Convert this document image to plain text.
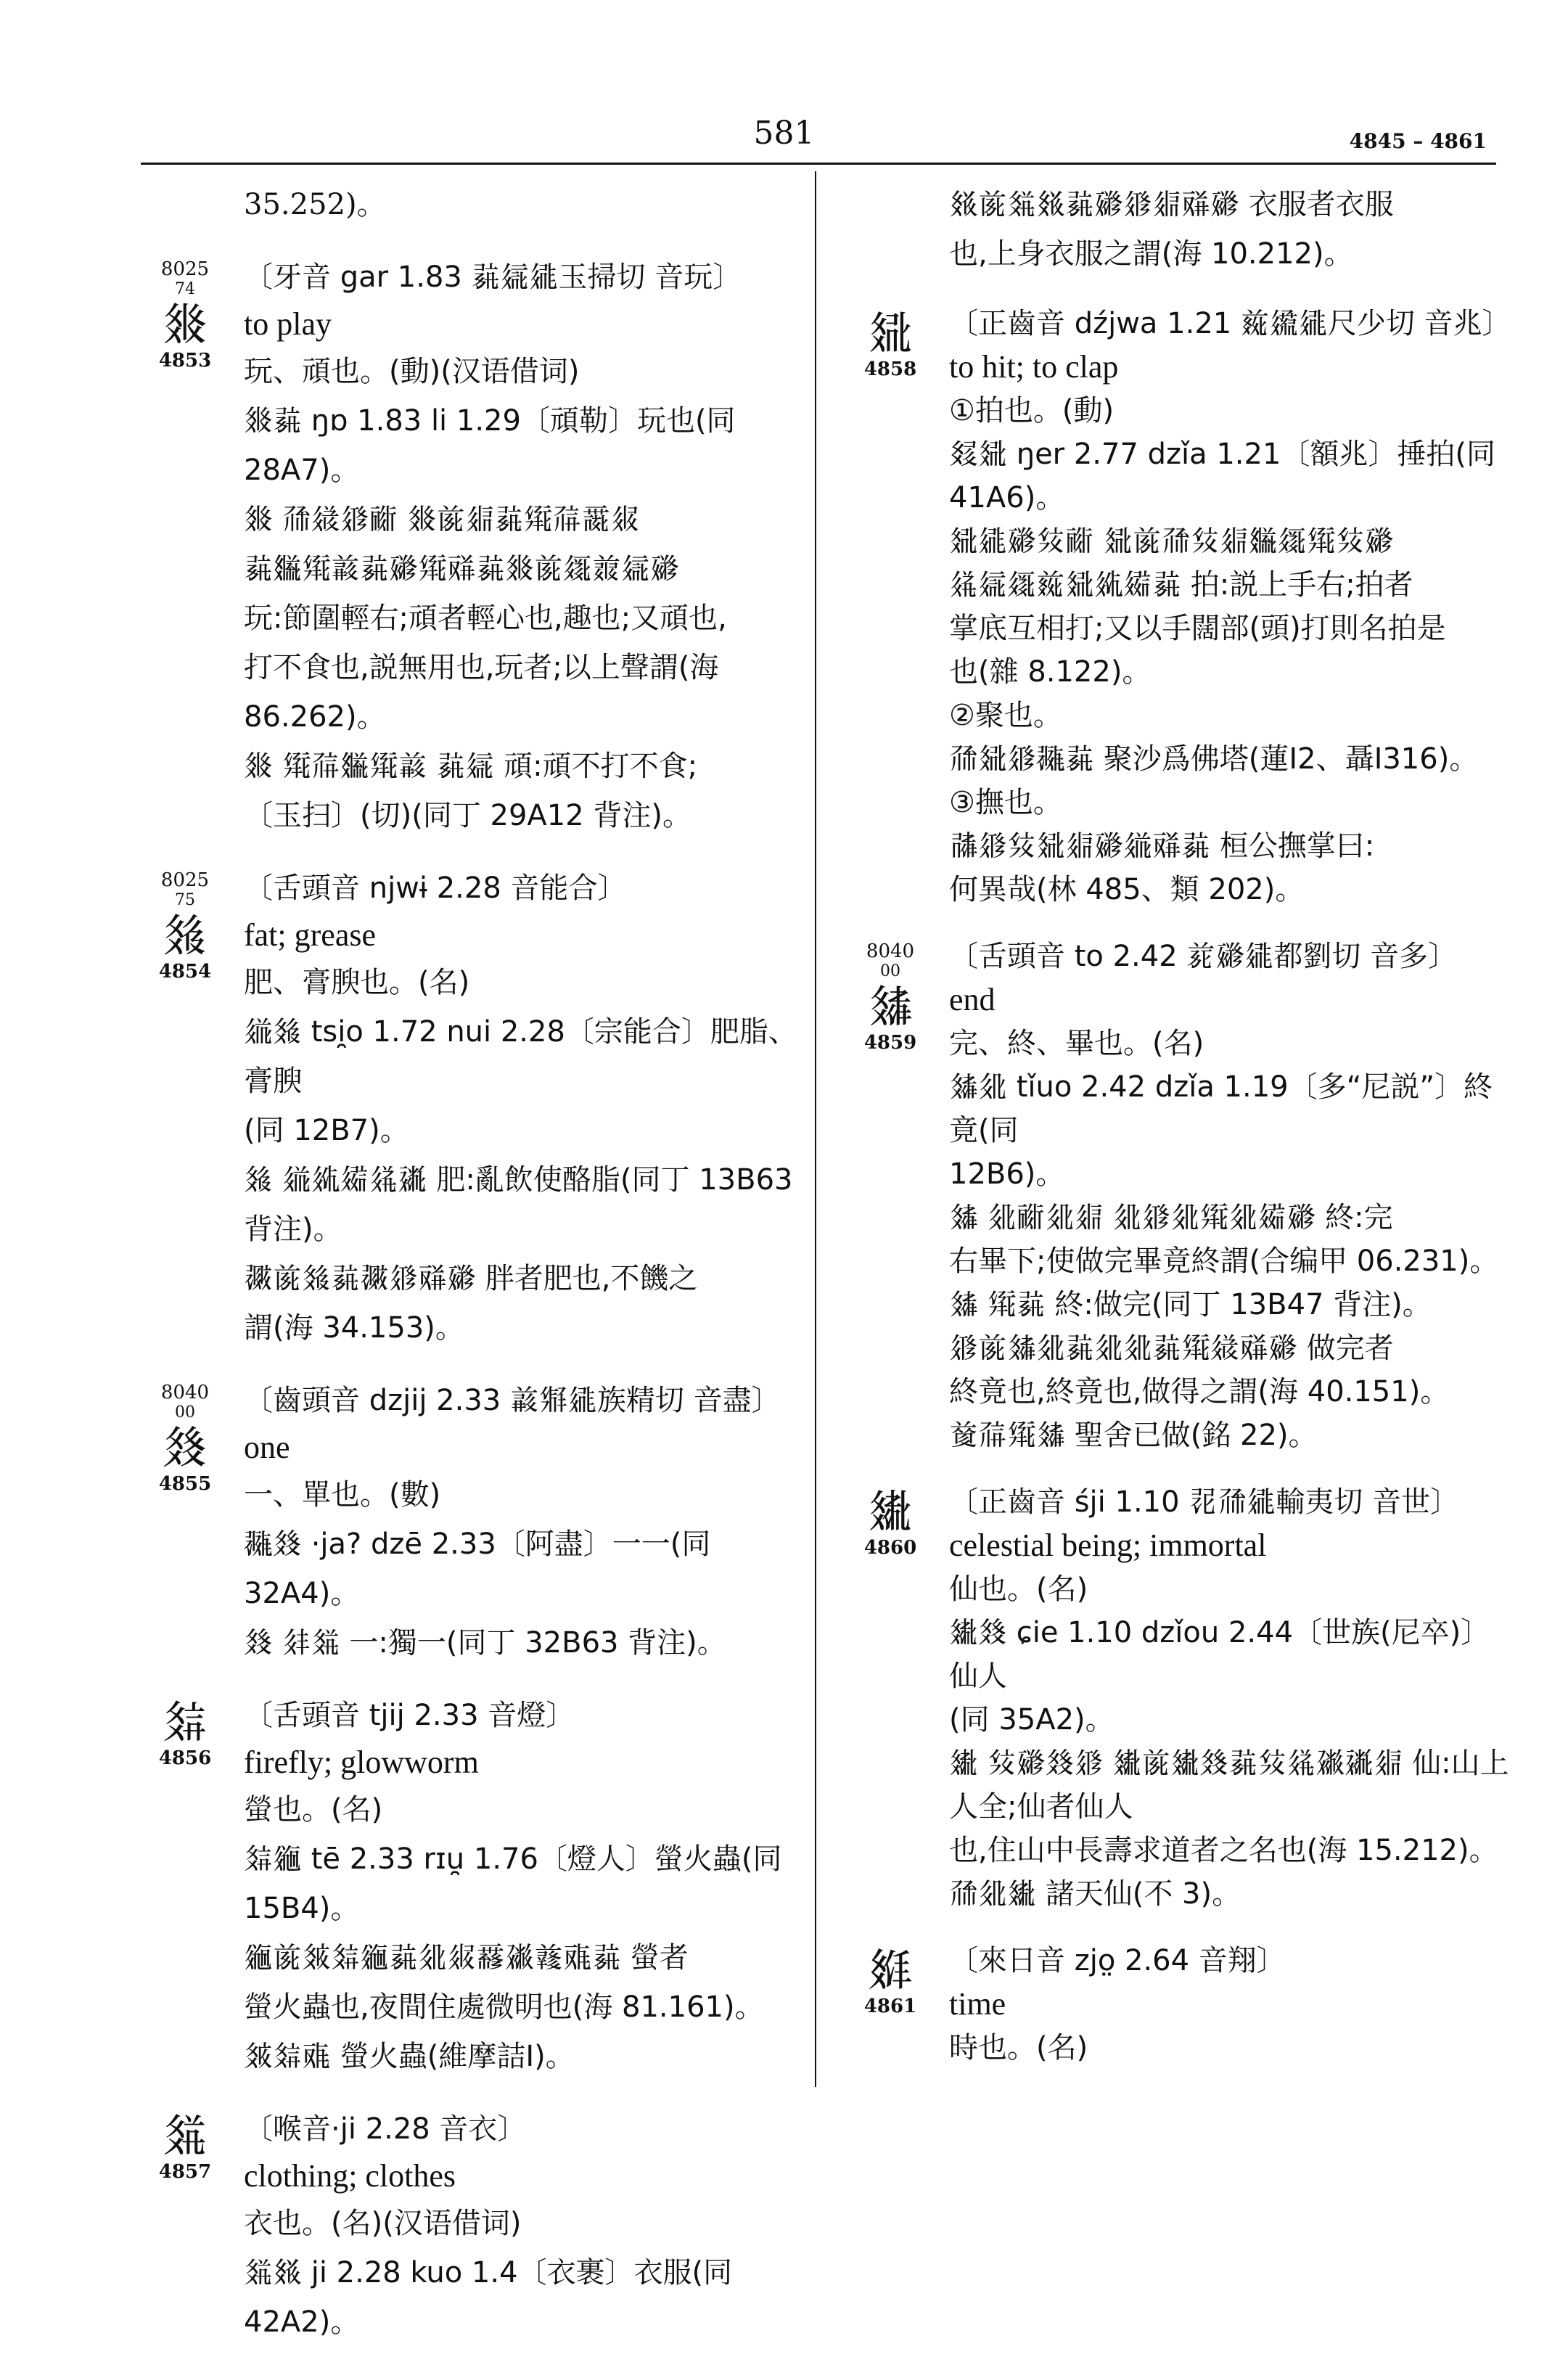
581	4845 – 4861
35.252)。
8025
74
𗾟
4853
〔牙音 gar 1.83 𗰱𗦇𗧓玉掃切 音玩〕
to play
玩、頑也。(動)(汉语借词)
𗾟𗰱 ŋɒ 1.83 li 1.29〔頑勒〕玩也(同 28A7)。
𗾟 𗗙𗧊𗤁𗠁 𗾟𗐯𗤋𗰱𗋕𗗚𗵘𗤒
𗰱𗿳𗋕𗓁𗰱𗡪𗋕𗠰𗰱𗾟𗐯𗧯𗓱𗦇𗡪
玩:節圍輕右;頑者輕心也,趣也;又頑也,
打不食也,説無用也,玩者;以上聲謂(海
86.262)。
𗾟 𗋕𗗚𗿳𗋕𗓁 𗰱𗦇 頑:頑不打不食;
〔玉扫〕(切)(同丁 29A12 背注)。
8025
75
𗾠
4854
〔舌頭音 njwɨ 2.28 音能合〕
fat; grease
肥、膏腴也。(名)
𗥤𗾠 tsi̯o 1.72 nui 2.28〔宗能合〕肥脂、膏腴
(同 12B7)。
𗾠 𗥤𗣋𗩴𗤬𗡶 肥:亂飲使酪脂(同丁 13B63
背注)。
𗗂𗐯𗾠𗰱𗗂𗤁𗠰𗡪 胖者肥也,不饑之
謂(海 34.153)。
8040
00
𗾡
4855
〔齒頭音 dzjij 2.33 𗓁𗋃𗧓族精切 音盡〕
one
一、單也。(數)
𗖵𗾡 ·ja? dzē 2.33〔阿盡〕一一(同 32A4)。
𗾡 𗢳𗾤 一:獨一(同丁 32B63 背注)。
𗾢
4856
〔舌頭音 tjij 2.33 音燈〕
firefly; glowworm
螢也。(名)
𗾢𗧈 tē 2.33 rɪu̯ 1.76〔燈人〕螢火蟲(同
15B4)。
𗧈𗐯𗾣𗾢𗧈𗰱𗢭𗤒𗵒𗗽𗔬𗠒𗰱 螢者
螢火蟲也,夜間住處微明也(海 81.161)。
𗾣𗾢𗠒 螢火蟲(維摩詰Ⅰ)。
𗾤
4857
〔喉音·ji 2.28 音衣〕
clothing; clothes
衣也。(名)(汉语借词)
𗾤𗾥 ji 2.28 kuo 1.4〔衣裹〕衣服(同 42A2)。
𗾥𗐯𗾤𗾥𗰱𗡪𗤁𗤋𗠰𗡪 衣服者衣服
也,上身衣服之謂(海 10.212)。
𗾦
4858
〔正齒音 dźjwa 1.21 𗒷𗫔𗧓尺少切 音兆〕
to hit; to clap
①拍也。(動)
𗾧𗾦 ŋer 2.77 dzǐa 1.21〔額兆〕捶拍(同
41A6)。
𗾦𗧓𗡪𗊏𗠁 𗾦𗐯𗗙𗊏𗤋𗿳𗧯𗋕𗊏𗡪
𗤬𗦇𗧯𗒷𗾦𗣋𗩴𗰱 拍:説上手右;拍者
掌底互相打;又以手闊部(頭)打則名拍是
也(雜 8.122)。
②聚也。
𗗙𗾦𗤁𗖵𗰱 聚沙爲佛塔(蓮Ⅰ2、聶Ⅰ316)。
③撫也。
𗰜𗤁𗊏𗾦𗤋𗡪𗥤𗠰𗰱 桓公撫掌曰:
何異哉(林 485、類 202)。
8040
00
𗾨
4859
〔舌頭音 to 2.42 𗐱𗡪𗧓都劉切 音多〕
end
完、終、畢也。(名)
𗾨𗢭 tǐuo 2.42 dzǐa 1.19〔多“尼説”〕終竟(同
12B6)。
𗾨 𗢭𗠁𗢭𗤋 𗢭𗤁𗢭𗋕𗢭𗩴𗡪 終:完
右畢下;使做完畢竟終謂(合编甲 06.231)。
𗾨 𗋕𗰱 終:做完(同丁 13B47 背注)。
𗤁𗐯𗾨𗢭𗰱𗢭𗢭𗰱𗋕𗧊𗠰𗡪 做完者
終竟也,終竟也,做得之謂(海 40.151)。
𗒹𗗚𗋕𗾨 聖舍已做(銘 22)。
𗾩
4860
〔正齒音 śji 1.10 𗕿𗗙𗧓輸夷切 音世〕
celestial being; immortal
仙也。(名)
𗾩𗾡 ɕie 1.10 dzǐou 2.44〔世族(尼卒)〕仙人
(同 35A2)。
𗾩 𗊏𗡪𗾡𗤁 𗾩𗐯𗾩𗾡𗰱𗊏𗤬𗗽𗡶𗤋 仙:山上人全;仙者仙人
也,住山中長壽求道者之名也(海 15.212)。
𗗙𗢭𗾩 諸天仙(不 3)。
𗾪
4861
〔來日音 zjo̤ 2.64 音翔〕
time
時也。(名)
